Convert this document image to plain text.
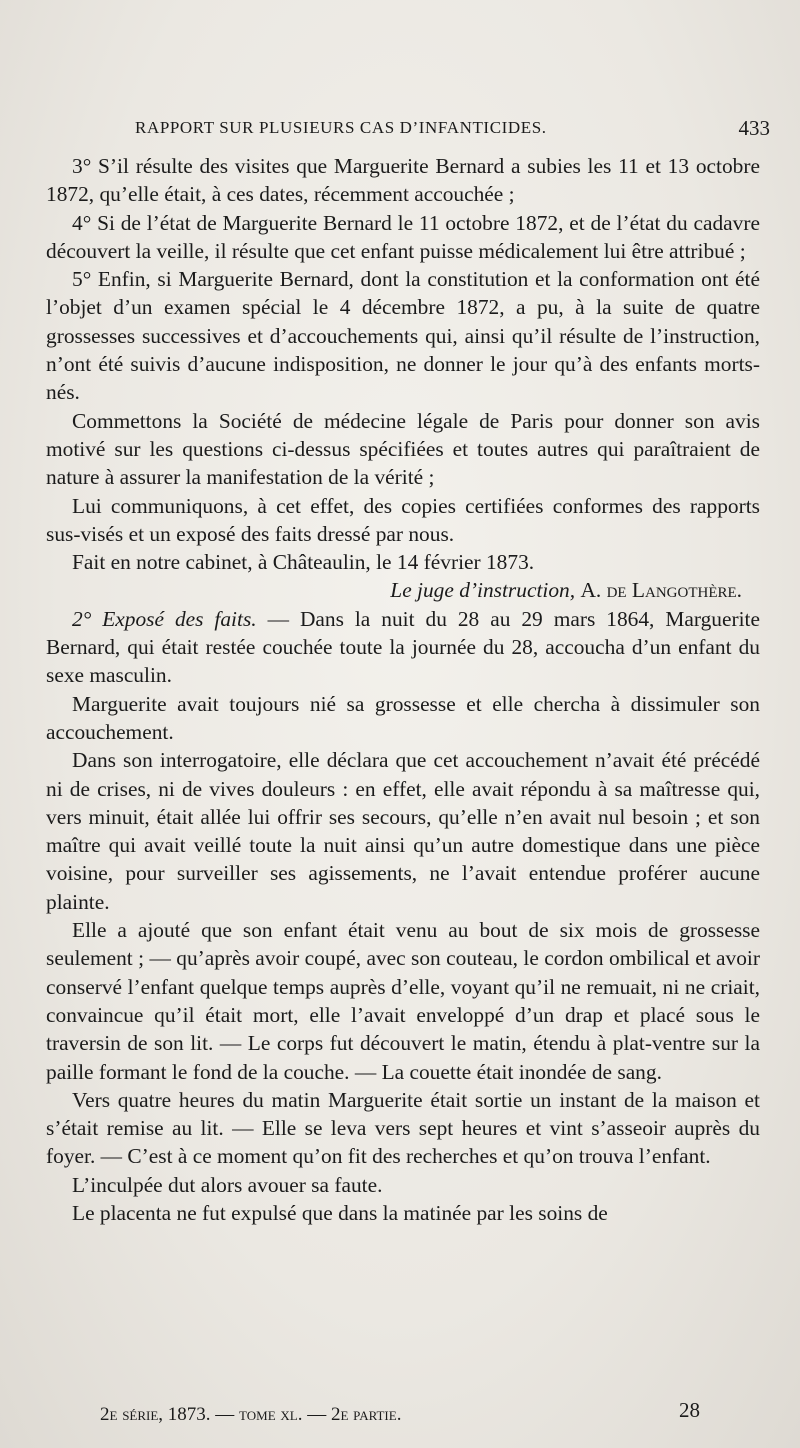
RAPPORT SUR PLUSIEURS CAS D’INFANTICIDES.	433

3° S’il résulte des visites que Marguerite Bernard a subies les 11 et 13 octobre 1872, qu’elle était, à ces dates, récemment accouchée ;

4° Si de l’état de Marguerite Bernard le 11 octobre 1872, et de l’état du cadavre découvert la veille, il résulte que cet enfant puisse médicalement lui être attribué ;

5° Enfin, si Marguerite Bernard, dont la constitution et la conformation ont été l’objet d’un examen spécial le 4 décembre 1872, a pu, à la suite de quatre grossesses successives et d’accouchements qui, ainsi qu’il résulte de l’instruction, n’ont été suivis d’aucune indisposition, ne donner le jour qu’à des enfants morts-nés.

Commettons la Société de médecine légale de Paris pour donner son avis motivé sur les questions ci-dessus spécifiées et toutes autres qui paraîtraient de nature à assurer la manifestation de la vérité ;

Lui communiquons, à cet effet, des copies certifiées conformes des rapports sus-visés et un exposé des faits dressé par nous.

Fait en notre cabinet, à Châteaulin, le 14 février 1873.

Le juge d’instruction, A. de Langothère.

2° Exposé des faits. — Dans la nuit du 28 au 29 mars 1864, Marguerite Bernard, qui était restée couchée toute la journée du 28, accoucha d’un enfant du sexe masculin.

Marguerite avait toujours nié sa grossesse et elle chercha à dissimuler son accouchement.

Dans son interrogatoire, elle déclara que cet accouchement n’avait été précédé ni de crises, ni de vives douleurs : en effet, elle avait répondu à sa maîtresse qui, vers minuit, était allée lui offrir ses secours, qu’elle n’en avait nul besoin ; et son maître qui avait veillé toute la nuit ainsi qu’un autre domestique dans une pièce voisine, pour surveiller ses agissements, ne l’avait entendue proférer aucune plainte.

Elle a ajouté que son enfant était venu au bout de six mois de grossesse seulement ; — qu’après avoir coupé, avec son couteau, le cordon ombilical et avoir conservé l’enfant quelque temps auprès d’elle, voyant qu’il ne remuait, ni ne criait, convaincue qu’il était mort, elle l’avait enveloppé d’un drap et placé sous le traversin de son lit. — Le corps fut découvert le matin, étendu à plat-ventre sur la paille formant le fond de la couche. — La couette était inondée de sang.

Vers quatre heures du matin Marguerite était sortie un instant de la maison et s’était remise au lit. — Elle se leva vers sept heures et vint s’asseoir auprès du foyer. — C’est à ce moment qu’on fit des recherches et qu’on trouva l’enfant.

L’inculpée dut alors avouer sa faute.

Le placenta ne fut expulsé que dans la matinée par les soins de

2e série, 1873. — tome xl. — 2e partie.	28
